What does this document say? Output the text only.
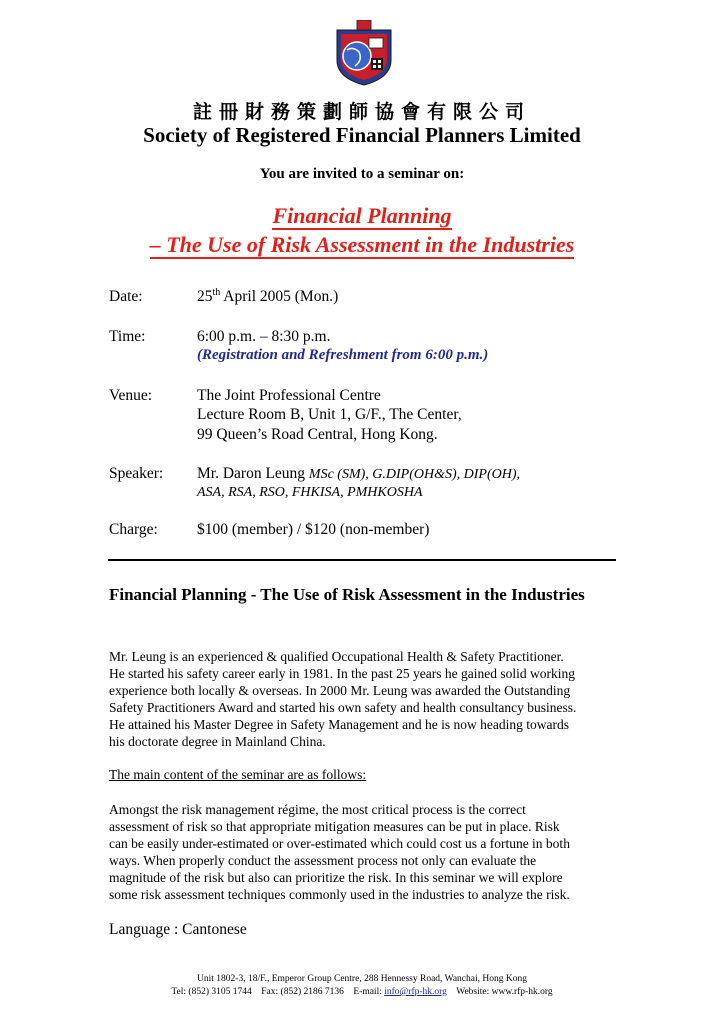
註冊財務策劃師協會有限公司
Society of Registered Financial Planners Limited
You are invited to a seminar on:
Financial Planning
– The Use of Risk Assessment in the Industries
Date:	25th April 2005 (Mon.)
Time:	6:00 p.m. – 8:30 p.m.
(Registration and Refreshment from 6:00 p.m.)
Venue:	The Joint Professional Centre
Lecture Room B, Unit 1, G/F., The Center,
99 Queen’s Road Central, Hong Kong.
Speaker:	Mr. Daron Leung MSc (SM), G.DIP(OH&S), DIP(OH),
ASA, RSA, RSO, FHKISA, PMHKOSHA
Charge:	$100 (member) / $120 (non-member)
Financial Planning - The Use of Risk Assessment in the Industries
Mr. Leung is an experienced & qualified Occupational Health & Safety Practitioner.
He started his safety career early in 1981. In the past 25 years he gained solid working
experience both locally & overseas. In 2000 Mr. Leung was awarded the Outstanding
Safety Practitioners Award and started his own safety and health consultancy business.
He attained his Master Degree in Safety Management and he is now heading towards
his doctorate degree in Mainland China.
The main content of the seminar are as follows:
Amongst the risk management régime, the most critical process is the correct
assessment of risk so that appropriate mitigation measures can be put in place. Risk
can be easily under-estimated or over-estimated which could cost us a fortune in both
ways. When properly conduct the assessment process not only can evaluate the
magnitude of the risk but also can prioritize the risk. In this seminar we will explore
some risk assessment techniques commonly used in the industries to analyze the risk.
Language : Cantonese
Unit 1802-3, 18/F., Emperor Group Centre, 288 Hennessy Road, Wanchai, Hong Kong
Tel: (852) 3105 1744 Fax: (852) 2186 7136 E-mail: info@rfp-hk.org Website: www.rfp-hk.org
